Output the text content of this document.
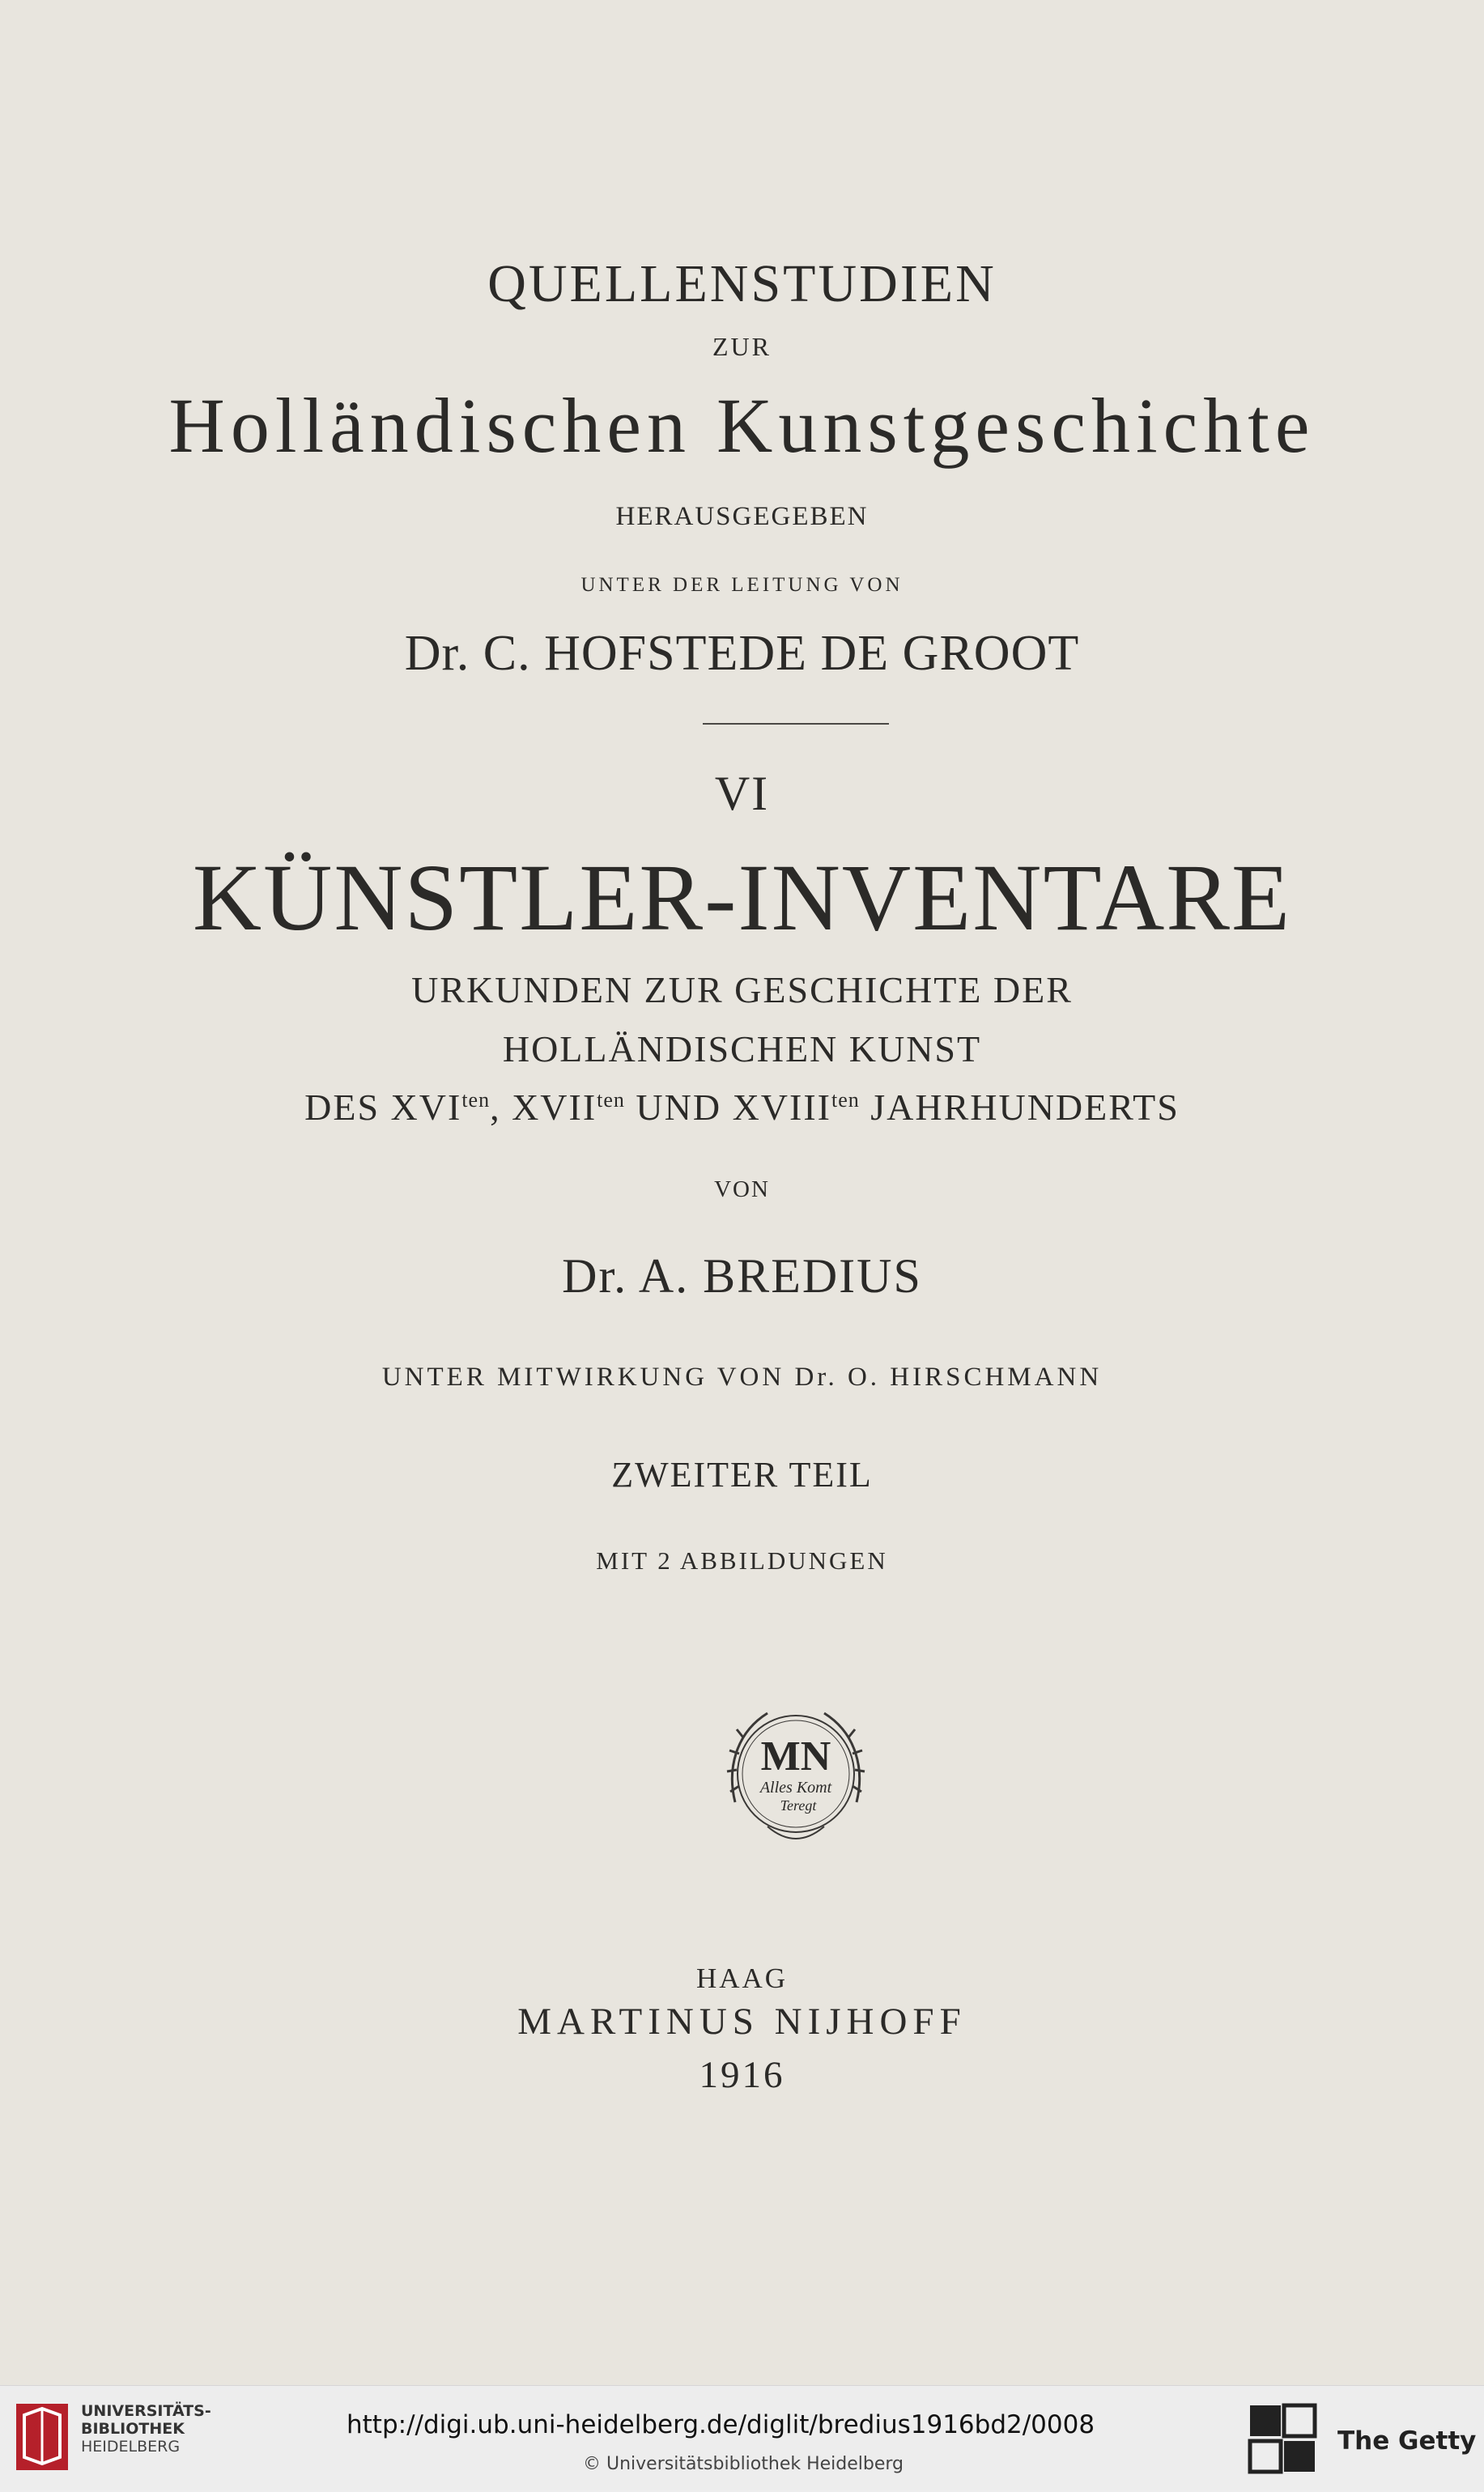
QUELLENSTUDIEN

ZUR

Holländischen Kunstgeschichte

HERAUSGEGEBEN

UNTER DER LEITUNG VON

Dr. C. HOFSTEDE DE GROOT

VI

KÜNSTLER-INVENTARE

URKUNDEN ZUR GESCHICHTE DER

HOLLÄNDISCHEN KUNST

DES $XVI^{ten}$, $XVII^{ten}$ UND $XVIII^{ten}$ JAHRHUNDERTS

VON

Dr. A. BREDIUS

UNTER MITWIRKUNG VON Dr. O. HIRSCHMANN

ZWEITER TEIL

MIT 2 ABBILDUNGEN

MN
Alles Komt
Teregt

HAAG

MARTINUS NIJHOFF

1916

UNIVERSITÄTS-
BIBLIOTHEK
HEIDELBERG
http://digi.ub.uni-heidelberg.de/diglit/bredius1916bd2/0008
© Universitätsbibliothek Heidelberg
The Getty
